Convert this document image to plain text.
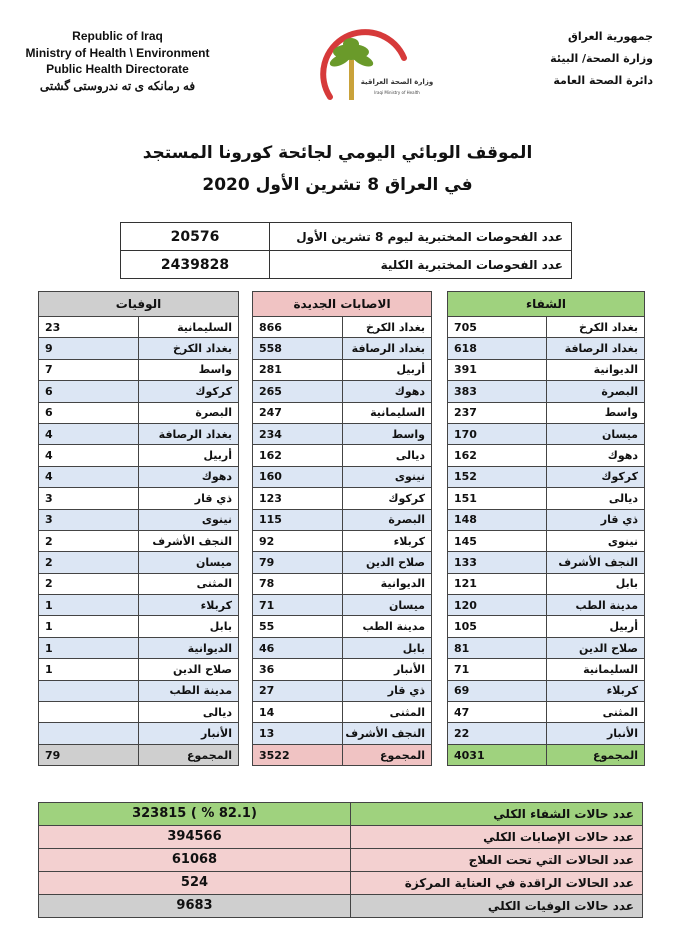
Republic of Iraq
Ministry of Health \ Environment
Public Health Directorate
فه رمانكه ى ته ندروستى گشتى	وزارة الصحة العراقية
Iraqi Ministry of Health
جمهورية العراق
وزارة الصحة/ البيئة
دائرة الصحة العامة
الموقف الوبائي اليومي لجائحة كورونا المستجد
في العراق 8 تشرين الأول 2020
عدد الفحوصات المختبرية ليوم 8 تشرين الأول	20576
عدد الفحوصات المختبرية الكلية	2439828
الشفاء	
بغداد الكرخ	705
بغداد الرصافة	618
الديوانية	391
البصرة	383
واسط	237
ميسان	170
دهوك	162
كركوك	152
ديالى	151
ذي قار	148
نينوى	145
النجف الأشرف	133
بابل	121
مدينة الطب	120
أربيل	105
صلاح الدين	81
السليمانية	71
كربلاء	69
المثنى	47
الأنبار	22
المجموع	4031
الاصابات الجديدة	
بغداد الكرخ	866
بغداد الرصافة	558
أربيل	281
دهوك	265
السليمانية	247
واسط	234
ديالى	162
نينوى	160
كركوك	123
البصرة	115
كربلاء	92
صلاح الدين	79
الديوانية	78
ميسان	71
مدينة الطب	55
بابل	46
الأنبار	36
ذي قار	27
المثنى	14
النجف الأشرف	13
المجموع	3522
الوفيات	
السليمانية	23
بغداد الكرخ	9
واسط	7
كركوك	6
البصرة	6
بغداد الرصافة	4
أربيل	4
دهوك	4
ذي قار	3
نينوى	3
النجف الأشرف	2
ميسان	2
المثنى	2
كربلاء	1
بابل	1
الديوانية	1
صلاح الدين	1
مدينة الطب	
ديالى	
الأنبار	
المجموع	79
عدد حالات الشفاء الكلي	(82.1 % ) 323815
عدد حالات الإصابات الكلي	394566
عدد الحالات التي تحت العلاج	61068
عدد الحالات الراقدة في العناية المركزة	524
عدد حالات الوفيات الكلي	9683
